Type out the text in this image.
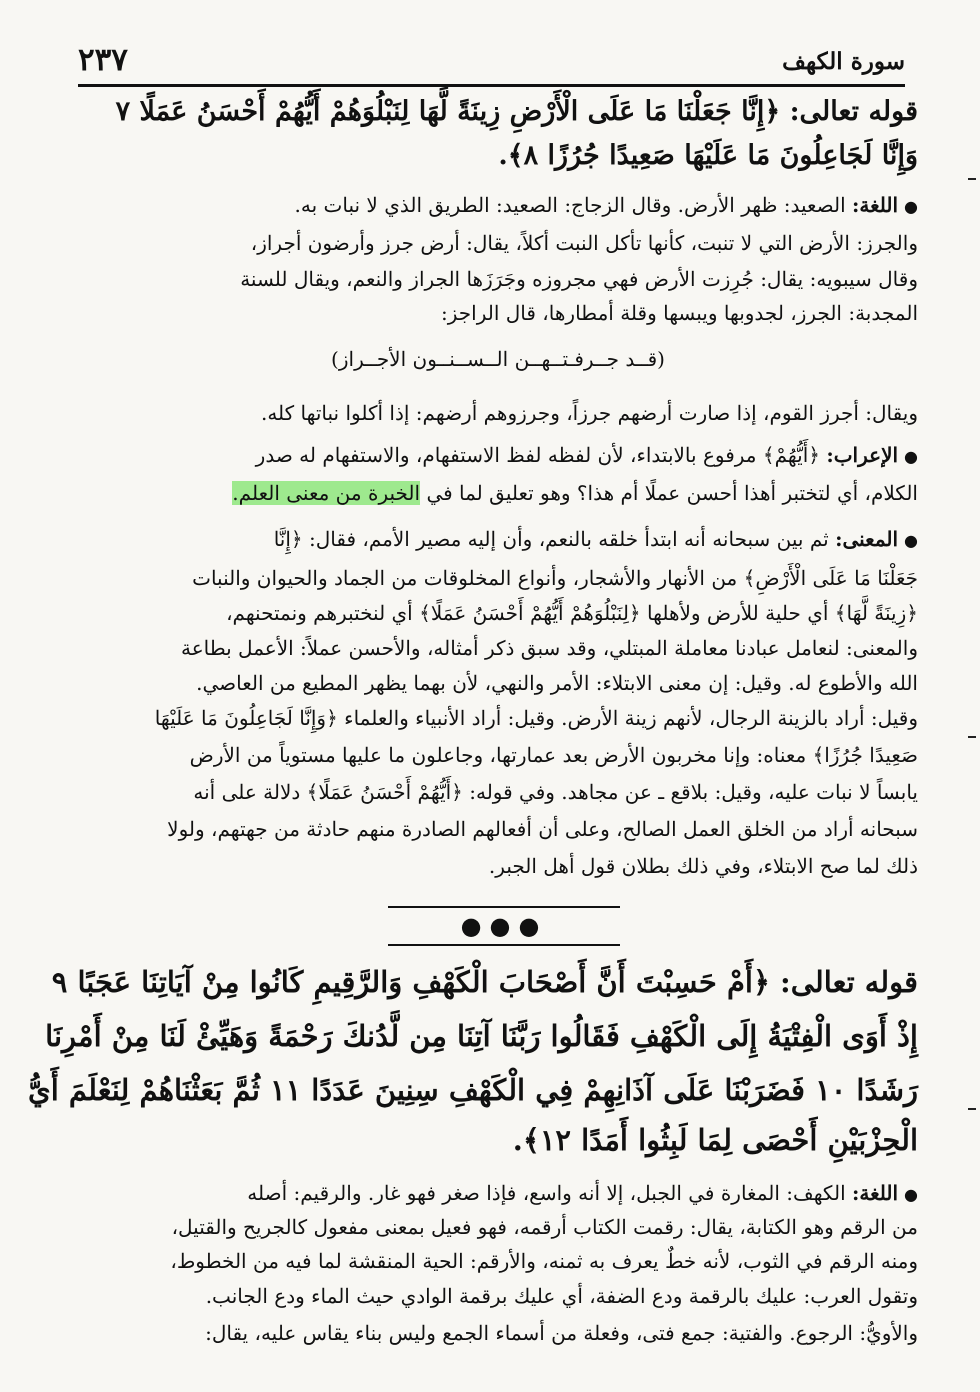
سورة الكهف
٢٣٧
قوله تعالى: ﴿إِنَّا جَعَلْنَا مَا عَلَى الْأَرْضِ زِينَةً لَّهَا لِنَبْلُوَهُمْ أَيُّهُمْ أَحْسَنُ عَمَلًا ٧
وَإِنَّا لَجَاعِلُونَ مَا عَلَيْهَا صَعِيدًا جُرُزًا ٨﴾.
●اللغة: الصعيد: ظهر الأرض. وقال الزجاج: الصعيد: الطريق الذي لا نبات به.
والجرز: الأرض التي لا تنبت، كأنها تأكل النبت أكلاً، يقال: أرض جرز وأرضون أجراز،
وقال سيبويه: يقال: جُرِزت الأرض فهي مجروزه وجَرَزَها الجراز والنعم، ويقال للسنة
المجدبة: الجرز، لجدوبها ويبسها وقلة أمطارها، قال الراجز:
(قــد جــرفـتــهــن الــســنــون الأجــراز)
ويقال: أجرز القوم، إذا صارت أرضهم جرزاً، وجرزوهم أرضهم: إذا أكلوا نباتها كله.
●الإعراب: ﴿أَيُّهُمْ﴾ مرفوع بالابتداء، لأن لفظه لفظ الاستفهام، والاستفهام له صدر
الكلام، أي لتختبر أهذا أحسن عملًا أم هذا؟ وهو تعليق لما في الخبرة من معنى العلم.
●المعنى: ثم بين سبحانه أنه ابتدأ خلقه بالنعم، وأن إليه مصير الأمم، فقال: ﴿إِنَّا
جَعَلْنَا مَا عَلَى الْأَرْضِ﴾ من الأنهار والأشجار، وأنواع المخلوقات من الجماد والحيوان والنبات
﴿زِينَةً لَّهَا﴾ أي حلية للأرض ولأهلها ﴿لِنَبْلُوَهُمْ أَيُّهُمْ أَحْسَنُ عَمَلًا﴾ أي لنختبرهم ونمتحنهم،
والمعنى: لنعامل عبادنا معاملة المبتلي، وقد سبق ذكر أمثاله، والأحسن عملاً: الأعمل بطاعة
الله والأطوع له. وقيل: إن معنى الابتلاء: الأمر والنهي، لأن بهما يظهر المطيع من العاصي.
وقيل: أراد بالزينة الرجال، لأنهم زينة الأرض. وقيل: أراد الأنبياء والعلماء ﴿وَإِنَّا لَجَاعِلُونَ مَا عَلَيْهَا
صَعِيدًا جُرُزًا﴾ معناه: وإنا مخربون الأرض بعد عمارتها، وجاعلون ما عليها مستوياً من الأرض
يابساً لا نبات عليه، وقيل: بلاقع ـ عن مجاهد. وفي قوله: ﴿أَيُّهُمْ أَحْسَنُ عَمَلًا﴾ دلالة على أنه
سبحانه أراد من الخلق العمل الصالح، وعلى أن أفعالهم الصادرة منهم حادثة من جهتهم، ولولا
ذلك لما صح الابتلاء، وفي ذلك بطلان قول أهل الجبر.
●●●
قوله تعالى: ﴿أَمْ حَسِبْتَ أَنَّ أَصْحَابَ الْكَهْفِ وَالرَّقِيمِ كَانُوا مِنْ آيَاتِنَا عَجَبًا ٩
إِذْ أَوَى الْفِتْيَةُ إِلَى الْكَهْفِ فَقَالُوا رَبَّنَا آتِنَا مِن لَّدُنكَ رَحْمَةً وَهَيِّئْ لَنَا مِنْ أَمْرِنَا
رَشَدًا ١٠ فَضَرَبْنَا عَلَى آذَانِهِمْ فِي الْكَهْفِ سِنِينَ عَدَدًا ١١ ثُمَّ بَعَثْنَاهُمْ لِنَعْلَمَ أَيُّ
الْحِزْبَيْنِ أَحْصَى لِمَا لَبِثُوا أَمَدًا ١٢﴾.
●اللغة: الكهف: المغارة في الجبل، إلا أنه واسع، فإذا صغر فهو غار. والرقيم: أصله
من الرقم وهو الكتابة، يقال: رقمت الكتاب أرقمه، فهو فعيل بمعنى مفعول كالجريح والقتيل،
ومنه الرقم في الثوب، لأنه خطٌ يعرف به ثمنه، والأرقم: الحية المنقشة لما فيه من الخطوط،
وتقول العرب: عليك بالرقمة ودع الضفة، أي عليك برقمة الوادي حيث الماء ودع الجانب.
والأويُّ: الرجوع. والفتية: جمع فتى، وفعلة من أسماء الجمع وليس بناء يقاس عليه، يقال:
